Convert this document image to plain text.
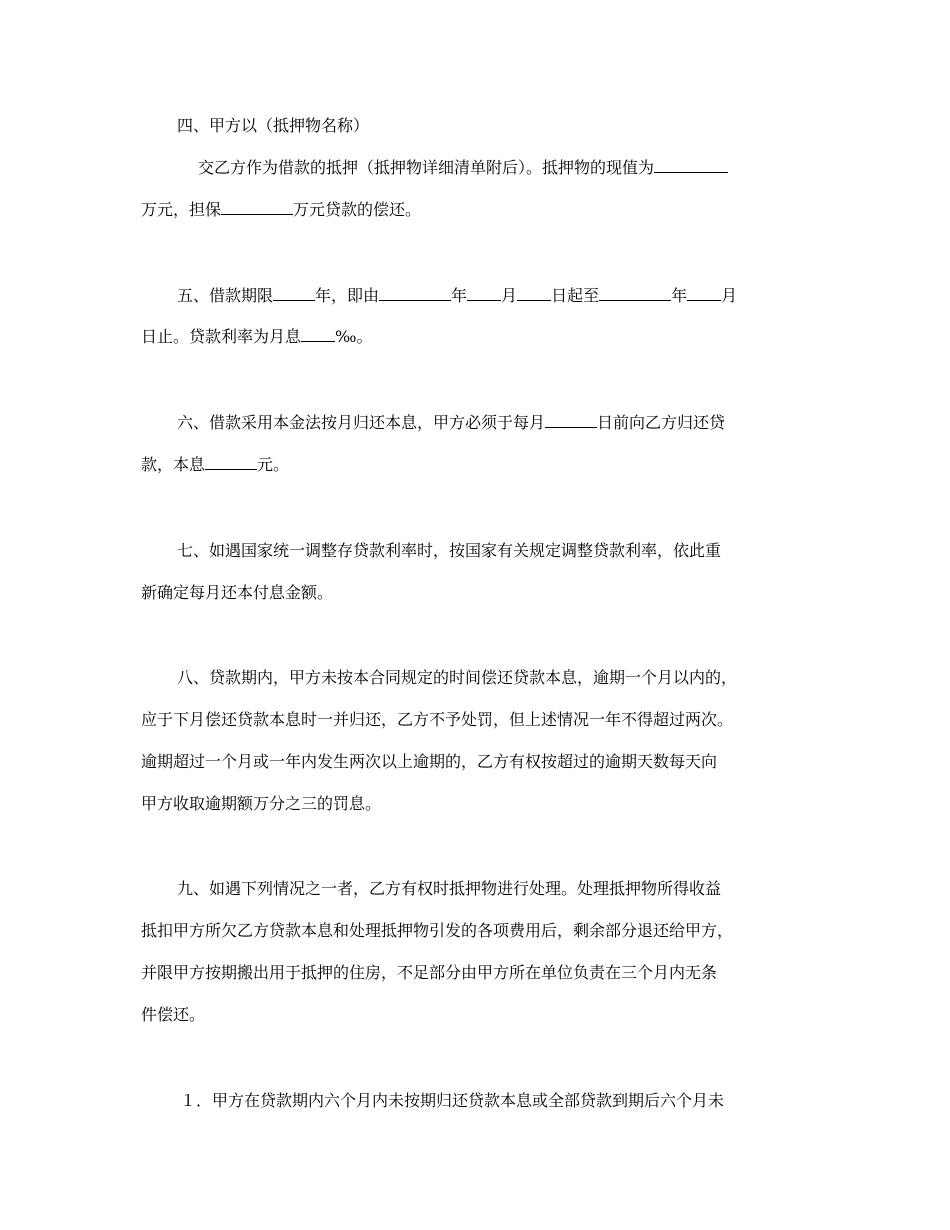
四、甲方以（抵押物名称）
交乙方作为借款的抵押（抵押物详细清单附后）。抵押物的现值为
万元，担保	万元贷款的偿还。
五、借款期限	年，即由	年 月 日起至	年 月
日止。贷款利率为月息 ‰。
六、借款采用本金法按月归还本息，甲方必须于每月	日前向乙方归还贷
款，本息	元。
七、如遇国家统一调整存贷款利率时，按国家有关规定调整贷款利率，依此重
新确定每月还本付息金额。
八、贷款期内，甲方未按本合同规定的时间偿还贷款本息，逾期一个月以内的，
应于下月偿还贷款本息时一并归还，乙方不予处罚，但上述情况一年不得超过两次。
逾期超过一个月或一年内发生两次以上逾期的，乙方有权按超过的逾期天数每天向
甲方收取逾期额万分之三的罚息。
九、如遇下列情况之一者，乙方有权时抵押物进行处理。处理抵押物所得收益
抵扣甲方所欠乙方贷款本息和处理抵押物引发的各项费用后，剩余部分退还给甲方，
并限甲方按期搬出用于抵押的住房，不足部分由甲方所在单位负责在三个月内无条
件偿还。
１．甲方在贷款期内六个月内未按期归还贷款本息或全部贷款到期后六个月未
